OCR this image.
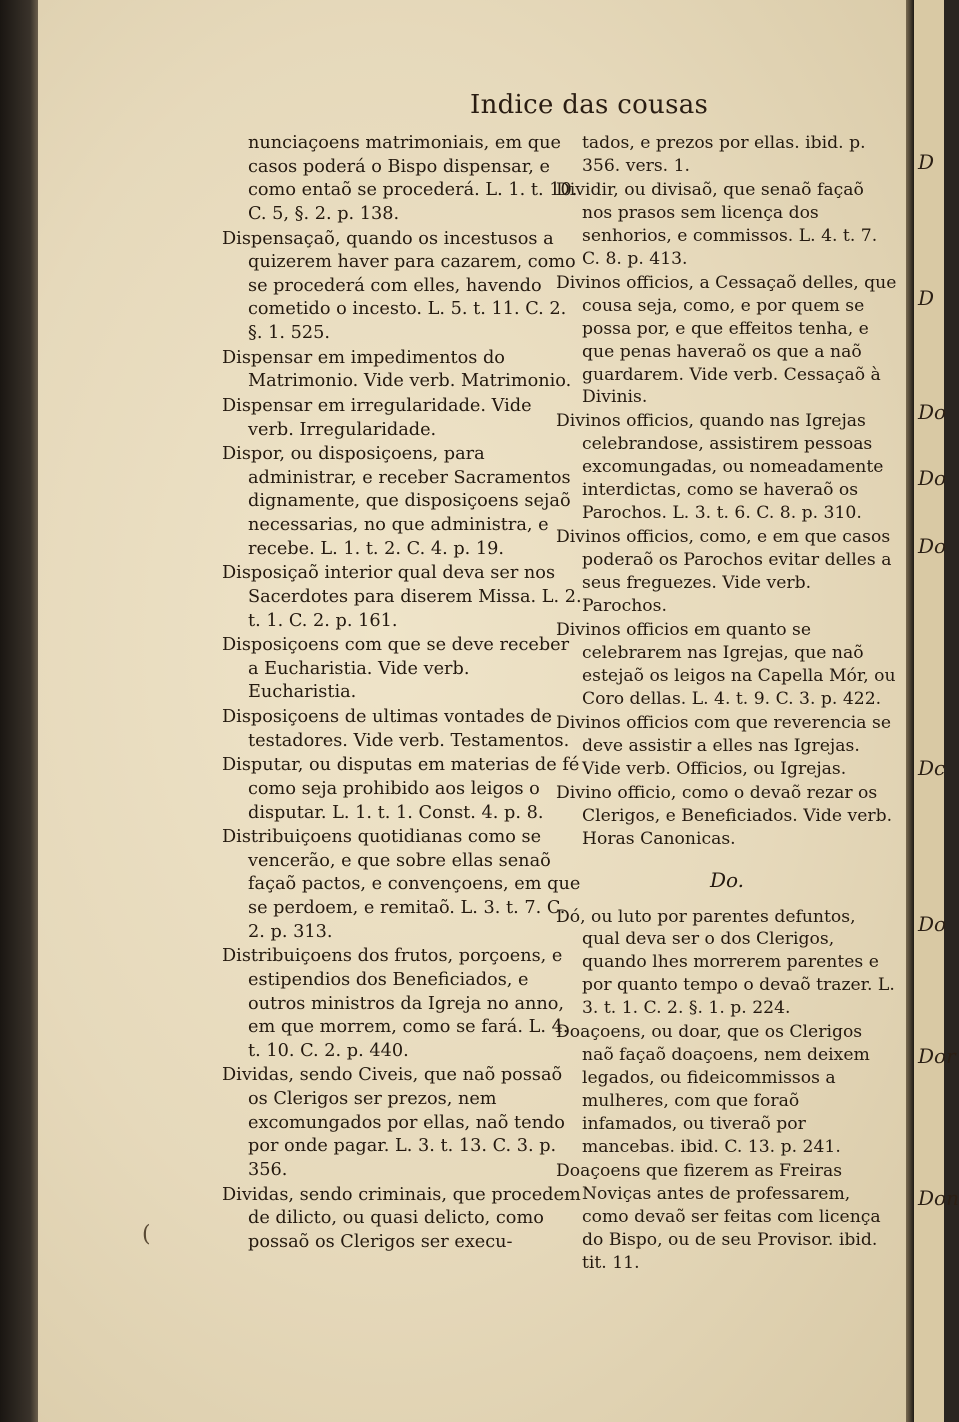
D
D
Do
Do
Do
Dc
Do
Dor
Don
Indice das cousas

nunciaçoens matrimoniais, em que casos poderá o Bispo dispensar, e como entaõ se procederá. L. 1. t. 10. C. 5, §. 2. p. 138.

Dispensaçaõ, quando os incestusos a quizerem haver para cazarem, como se procederá com elles, havendo cometido o incesto. L. 5. t. 11. C. 2. §. 1. 525.

Dispensar em impedimentos do Matrimonio. Vide verb. Matrimonio.

Dispensar em irregularidade. Vide verb. Irregularidade.

Dispor, ou disposiçoens, para administrar, e receber Sacramentos dignamente, que disposiçoens sejaõ necessarias, no que administra, e recebe. L. 1. t. 2. C. 4. p. 19.

Disposiçaõ interior qual deva ser nos Sacerdotes para diserem Missa. L. 2. t. 1. C. 2. p. 161.

Disposiçoens com que se deve receber a Eucharistia. Vide verb. Eucharistia.

Disposiçoens de ultimas vontades de testadores. Vide verb. Testamentos.

Disputar, ou disputas em materias de fé como seja prohibido aos leigos o disputar. L. 1. t. 1. Const. 4. p. 8.

Distribuiçoens quotidianas como se vencerão, e que sobre ellas senaõ façaõ pactos, e convençoens, em que se perdoem, e remitaõ. L. 3. t. 7. C. 2. p. 313.

Distribuiçoens dos frutos, porçoens, e estipendios dos Beneficiados, e outros ministros da Igreja no anno, em que morrem, como se fará. L. 4. t. 10. C. 2. p. 440.

Dividas, sendo Civeis, que naõ possaõ os Clerigos ser prezos, nem excomungados por ellas, naõ tendo por onde pagar. L. 3. t. 13. C. 3. p. 356.

Dividas, sendo criminais, que procedem de dilicto, ou quasi delicto, como possaõ os Clerigos ser execu-

tados, e prezos por ellas. ibid. p. 356. vers. 1.

Dividir, ou divisaõ, que senaõ façaõ nos prasos sem licença dos senhorios, e commissos. L. 4. t. 7. C. 8. p. 413.

Divinos officios, a Cessaçaõ delles, que cousa seja, como, e por quem se possa por, e que effeitos tenha, e que penas haveraõ os que a naõ guardarem. Vide verb. Cessaçaõ à Divinis.

Divinos officios, quando nas Igrejas celebrandose, assistirem pessoas excomungadas, ou nomeadamente interdictas, como se haveraõ os Parochos. L. 3. t. 6. C. 8. p. 310.

Divinos officios, como, e em que casos poderaõ os Parochos evitar delles a seus freguezes. Vide verb. Parochos.

Divinos officios em quanto se celebrarem nas Igrejas, que naõ estejaõ os leigos na Capella Mór, ou Coro dellas. L. 4. t. 9. C. 3. p. 422.

Divinos officios com que reverencia se deve assistir a elles nas Igrejas. Vide verb. Officios, ou Igrejas.

Divino officio, como o devaõ rezar os Clerigos, e Beneficiados. Vide verb. Horas Canonicas.

Do.

Dó, ou luto por parentes defuntos, qual deva ser o dos Clerigos, quando lhes morrerem parentes e por quanto tempo o devaõ trazer. L. 3. t. 1. C. 2. §. 1. p. 224.

Doaçoens, ou doar, que os Clerigos naõ façaõ doaçoens, nem deixem legados, ou fideicommissos a mulheres, com que foraõ infamados, ou tiveraõ por mancebas. ibid. C. 13. p. 241.

Doaçoens que fizerem as Freiras Noviças antes de professarem, como devaõ ser feitas com licença do Bispo, ou de seu Provisor. ibid. tit. 11.

(
